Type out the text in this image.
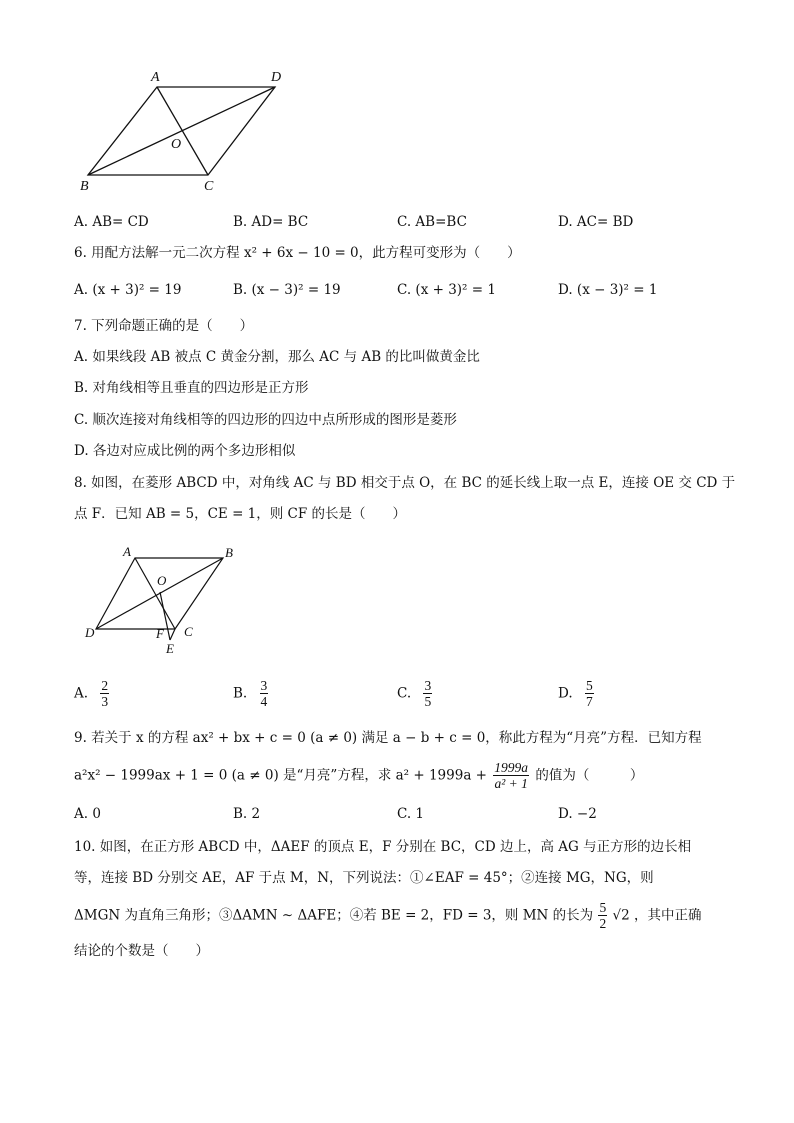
A	D
O
B	C
A. AB= CD	B. AD= BC	C. AB=BC	D. AC= BD
6. 用配方法解一元二次方程 x² + 6x − 10 = 0，此方程可变形为（　　）
A. (x + 3)² = 19	B. (x − 3)² = 19	C. (x + 3)² = 1	D. (x − 3)² = 1
7. 下列命题正确的是（　　）
A. 如果线段 AB 被点 C 黄金分割，那么 AC 与 AB 的比叫做黄金比
B. 对角线相等且垂直的四边形是正方形
C. 顺次连接对角线相等的四边形的四边中点所形成的图形是菱形
D. 各边对应成比例的两个多边形相似
8. 如图，在菱形 ABCD 中，对角线 AC 与 BD 相交于点 O，在 BC 的延长线上取一点 E，连接 OE 交 CD 于
点 F．已知 AB = 5，CE = 1，则 CF 的长是（　　）
A	B
O
D	F C
E
A. $\frac{2}{3}$	B. $\frac{3}{4}$	C. $\frac{3}{5}$	D. $\frac{5}{7}$
9. 若关于 x 的方程 ax² + bx + c = 0 (a ≠ 0) 满足 a − b + c = 0，称此方程为“月亮”方程．已知方程
a²x² − 1999ax + 1 = 0 (a ≠ 0) 是“月亮”方程，求 $a^2 + 1999a + \frac{1999a}{\text{a² + 1}}$ 的值为（　　　）
A. 0	B. 2	C. 1	D. −2
10. 如图，在正方形 ABCD 中，ΔAEF 的顶点 E，F 分别在 BC，CD 边上，高 AG 与正方形的边长相
等，连接 BD 分别交 AE，AF 于点 M，N，下列说法：①∠EAF = 45°；②连接 MG，NG，则
ΔMGN 为直角三角形；③ΔAMN ∼ ΔAFE；④若 BE = 2，FD = 3，则 MN 的长为 $\frac{5}{2} √2$ ，其中正确
结论的个数是（　　）
